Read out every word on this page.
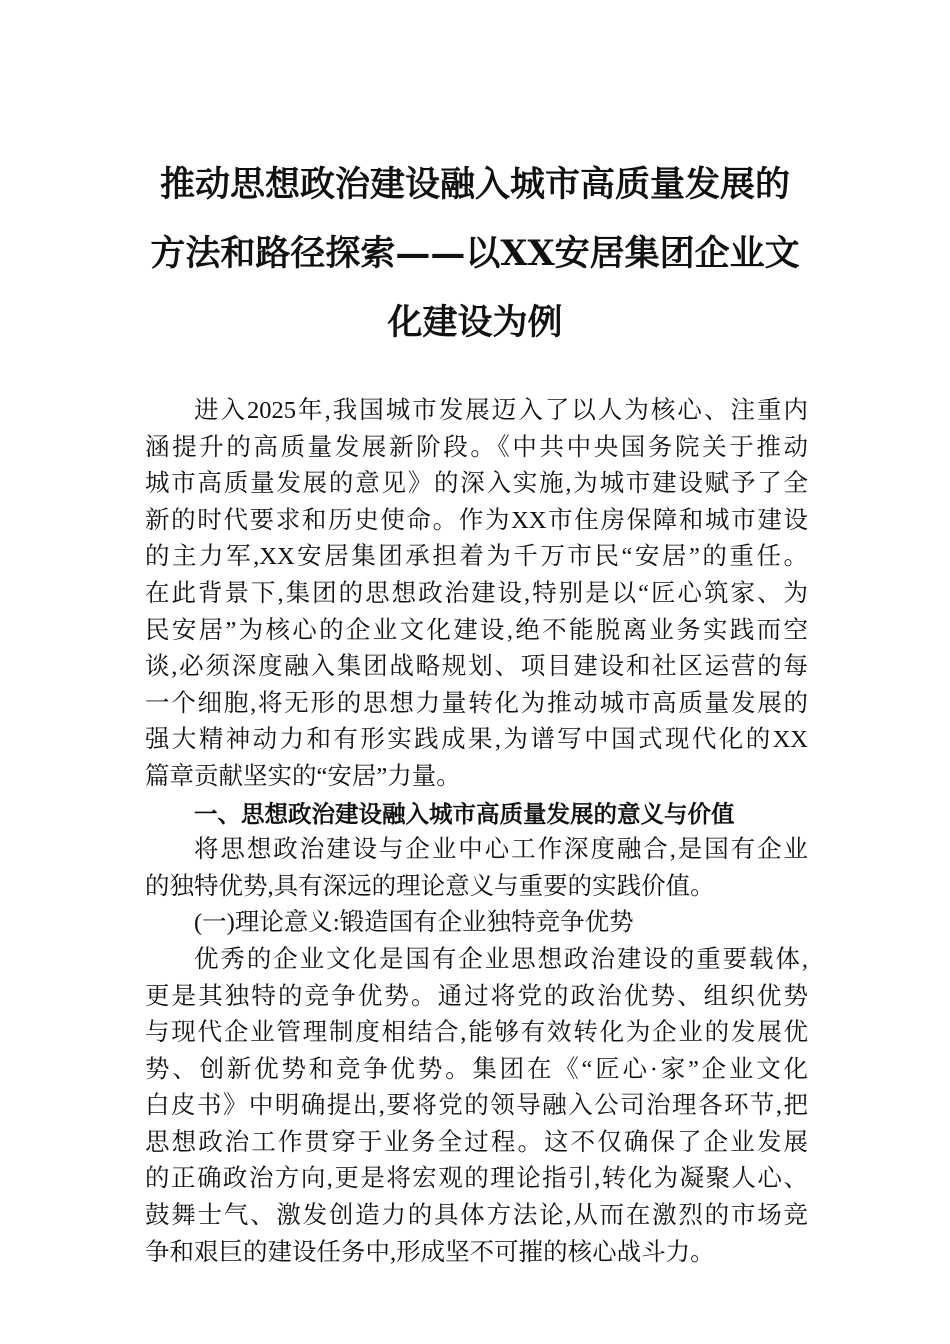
推动思想政治建设融入城市高质量发展的
方法和路径探索——以XX安居集团企业文
化建设为例
进入2025年,我国城市发展迈入了以人为核心、注重内
涵提升的高质量发展新阶段。《中共中央国务院关于推动
城市高质量发展的意见》的深入实施,为城市建设赋予了全
新的时代要求和历史使命。作为XX市住房保障和城市建设
的主力军,XX安居集团承担着为千万市民“安居”的重任。
在此背景下,集团的思想政治建设,特别是以“匠心筑家、为
民安居”为核心的企业文化建设,绝不能脱离业务实践而空
谈,必须深度融入集团战略规划、项目建设和社区运营的每
一个细胞,将无形的思想力量转化为推动城市高质量发展的
强大精神动力和有形实践成果,为谱写中国式现代化的XX
篇章贡献坚实的“安居”力量。
一、思想政治建设融入城市高质量发展的意义与价值
将思想政治建设与企业中心工作深度融合,是国有企业
的独特优势,具有深远的理论意义与重要的实践价值。
(一)理论意义:锻造国有企业独特竞争优势
优秀的企业文化是国有企业思想政治建设的重要载体,
更是其独特的竞争优势。通过将党的政治优势、组织优势
与现代企业管理制度相结合,能够有效转化为企业的发展优
势、创新优势和竞争优势。集团在《“匠心·家”企业文化
白皮书》中明确提出,要将党的领导融入公司治理各环节,把
思想政治工作贯穿于业务全过程。这不仅确保了企业发展
的正确政治方向,更是将宏观的理论指引,转化为凝聚人心、
鼓舞士气、激发创造力的具体方法论,从而在激烈的市场竞
争和艰巨的建设任务中,形成坚不可摧的核心战斗力。
